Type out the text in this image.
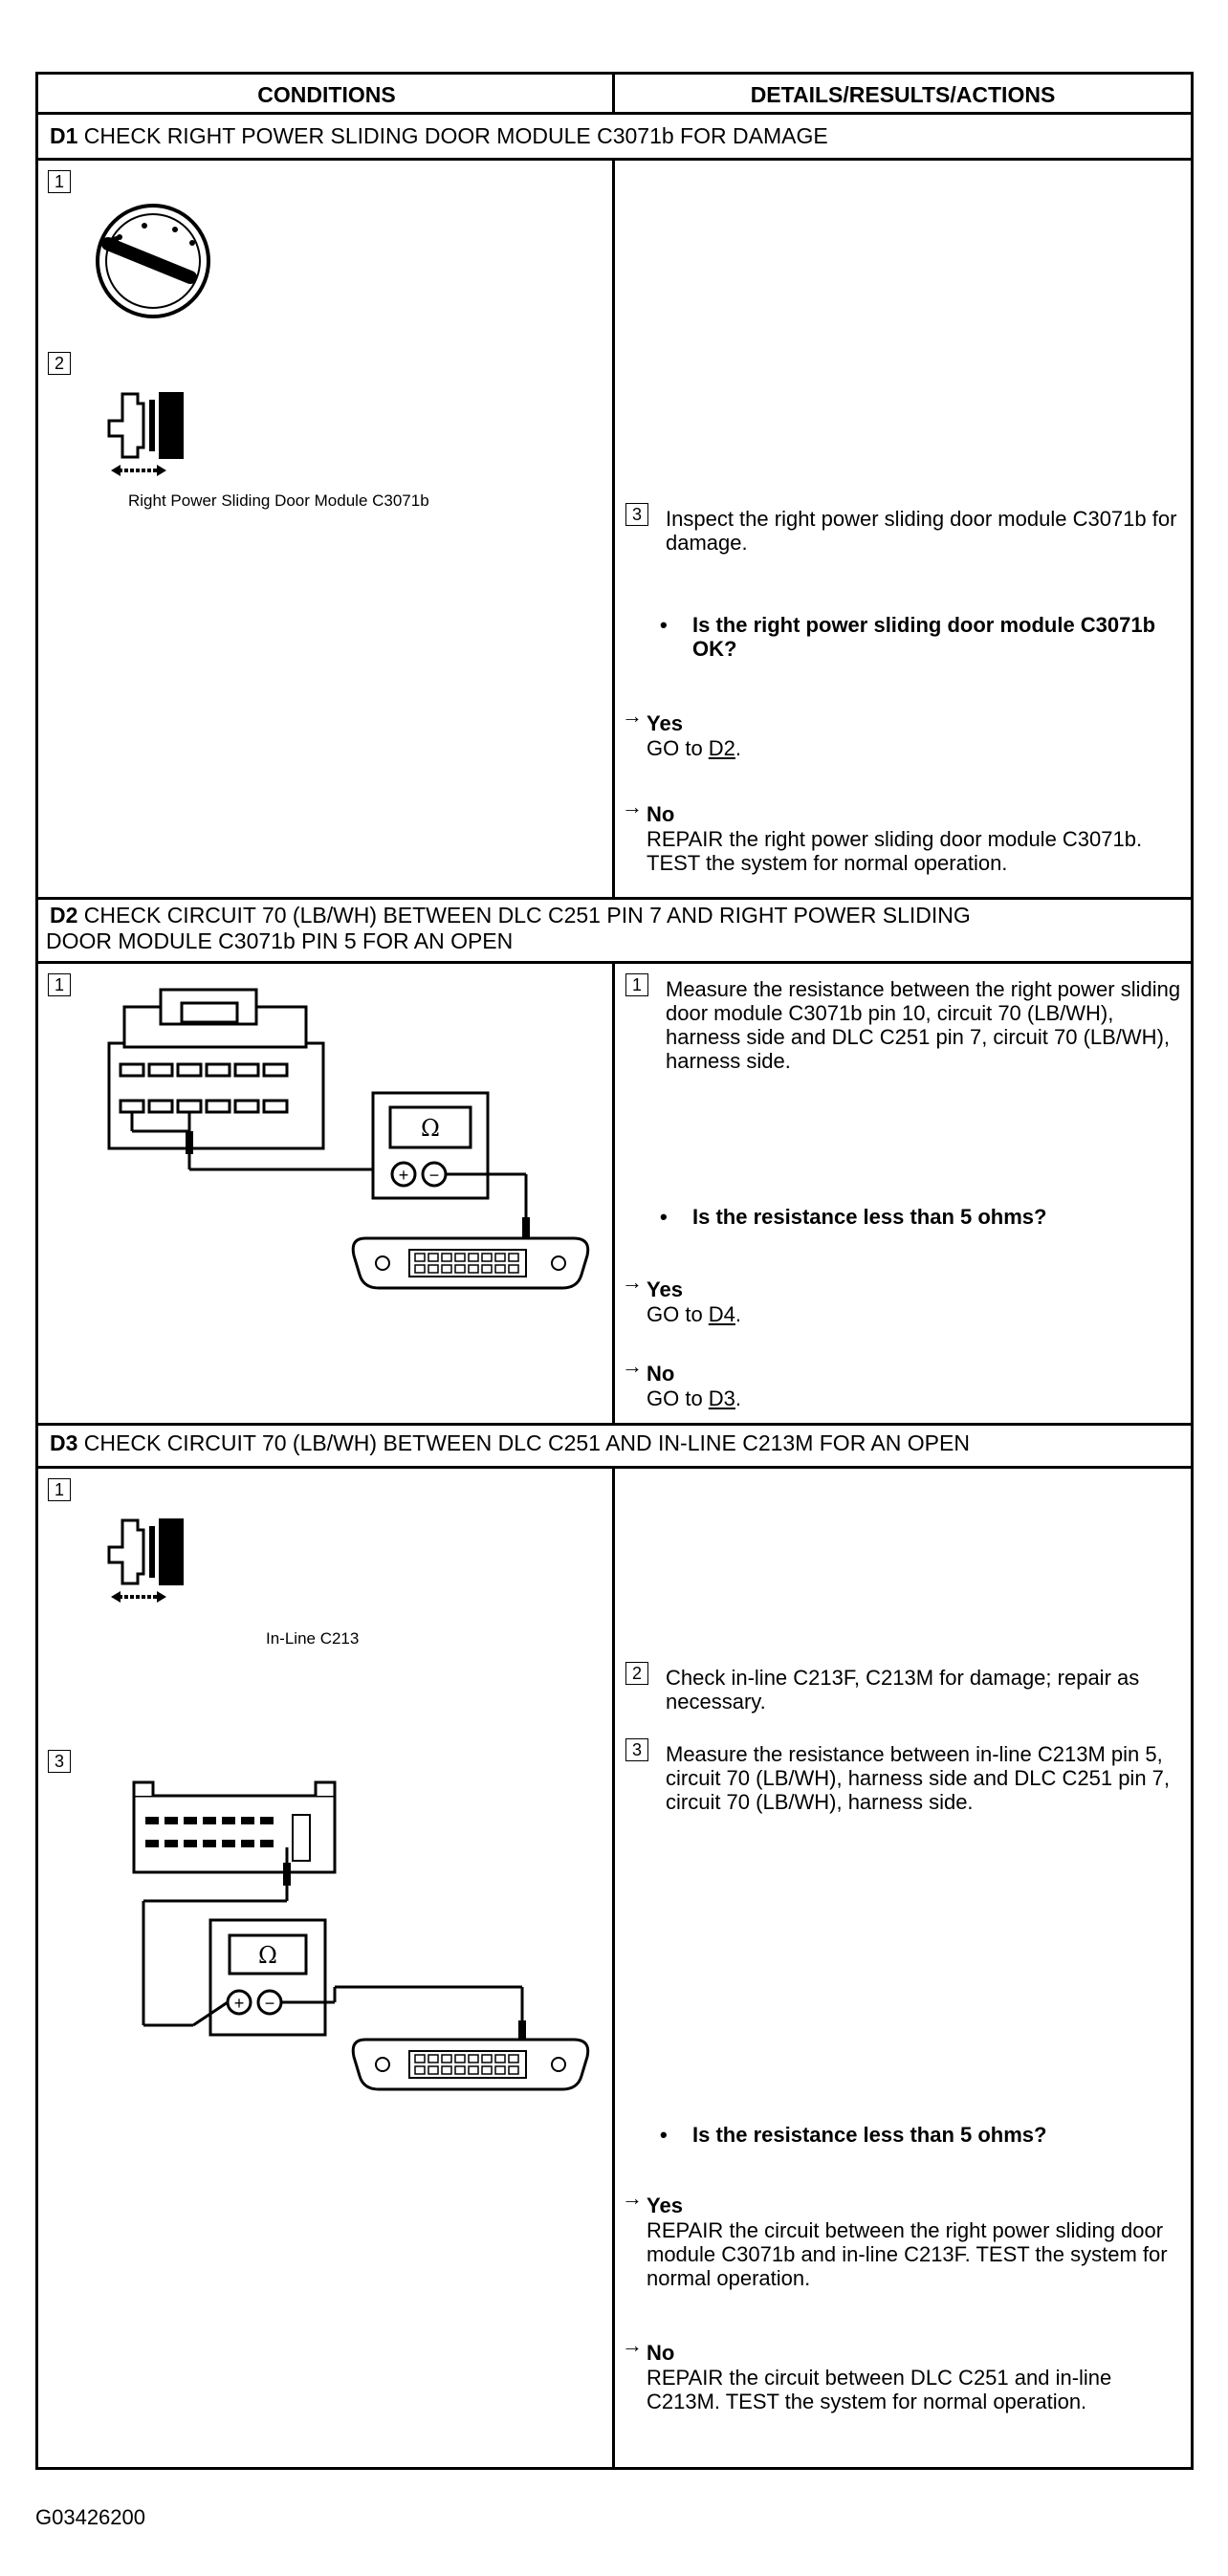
CONDITIONS	DETAILS/RESULTS/ACTIONS
D1 CHECK RIGHT POWER SLIDING DOOR MODULE C3071b FOR DAMAGE
1
2
Right Power Sliding Door Module C3071b
3	Inspect the right power sliding door module C3071b for damage.
• Is the right power sliding door module C3071b OK?
→ Yes
GO to D2.
→ No
REPAIR the right power sliding door module C3071b. TEST the system for normal operation.
D2 CHECK CIRCUIT 70 (LB/WH) BETWEEN DLC C251 PIN 7 AND RIGHT POWER SLIDING
DOOR MODULE C3071b PIN 5 FOR AN OPEN
1
Ω
+ −
1	Measure the resistance between the right power sliding door module C3071b pin 10, circuit 70 (LB/WH), harness side and DLC C251 pin 7, circuit 70 (LB/WH), harness side.
• Is the resistance less than 5 ohms?
→ Yes
GO to D4.
→ No
GO to D3.
D3 CHECK CIRCUIT 70 (LB/WH) BETWEEN DLC C251 AND IN-LINE C213M FOR AN OPEN
1
In-Line C213
3
Ω
+ −
2	Check in-line C213F, C213M for damage; repair as necessary.
3	Measure the resistance between in-line C213M pin 5, circuit 70 (LB/WH), harness side and DLC C251 pin 7, circuit 70 (LB/WH), harness side.
• Is the resistance less than 5 ohms?
→ Yes
REPAIR the circuit between the right power sliding door module C3071b and in-line C213F. TEST the system for normal operation.
→ No
REPAIR the circuit between DLC C251 and in-line C213M. TEST the system for normal operation.
G03426200
